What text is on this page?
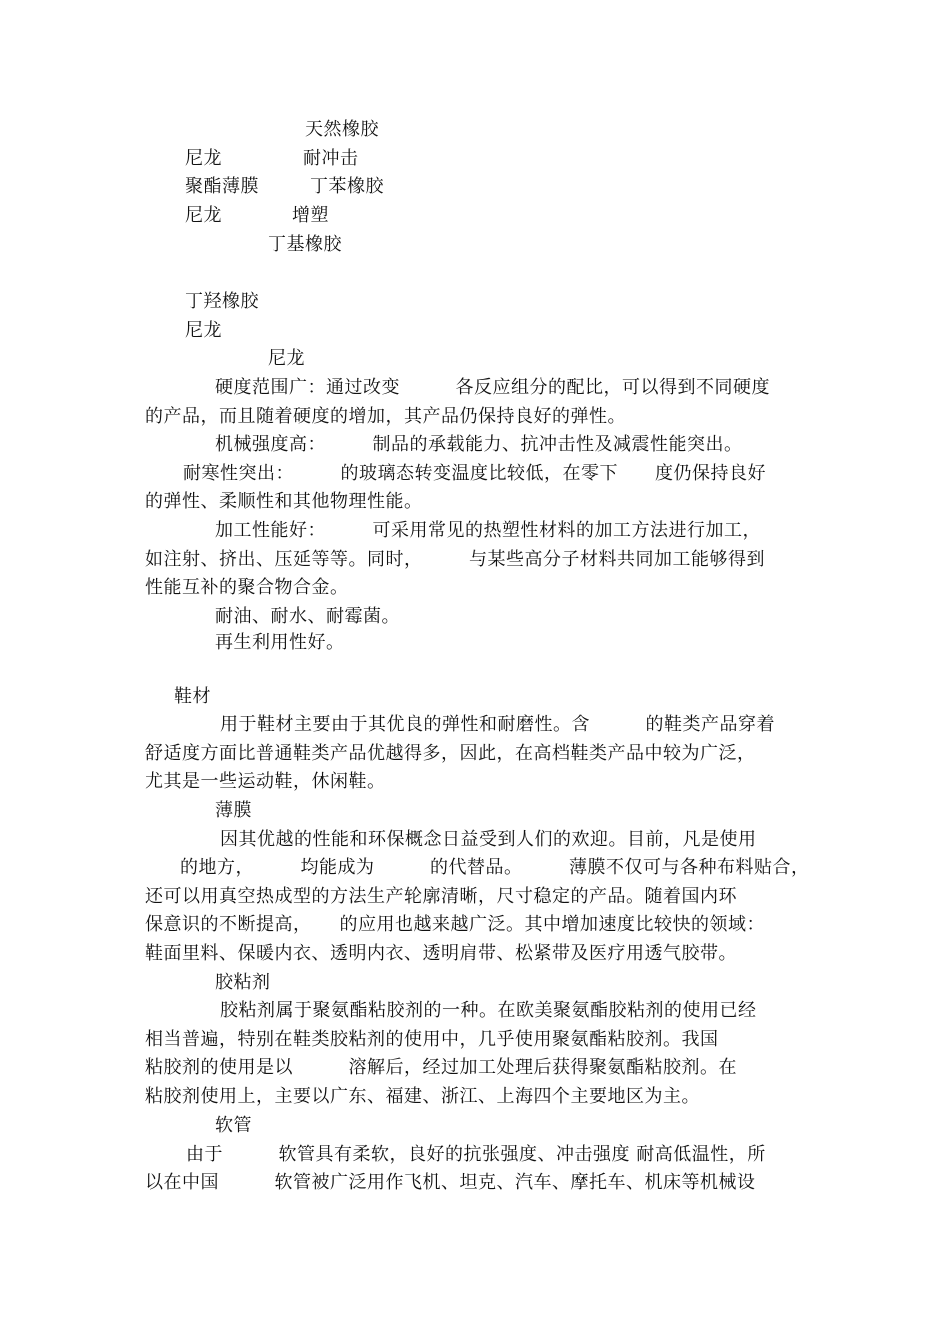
天然橡胶
尼龙	耐冲击
聚酯薄膜	丁苯橡胶
尼龙	增塑
丁基橡胶
丁羟橡胶
尼龙
尼龙
硬度范围广：通过改变　　　各反应组分的配比，可以得到不同硬度
的产品，而且随着硬度的增加，其产品仍保持良好的弹性。
机械强度高：　　　制品的承载能力、抗冲击性及减震性能突出。
耐寒性突出：　　　的玻璃态转变温度比较低，在零下　　度仍保持良好
的弹性、柔顺性和其他物理性能。
加工性能好：　　　可采用常见的热塑性材料的加工方法进行加工，
如注射、挤出、压延等等。同时，　　　与某些高分子材料共同加工能够得到
性能互补的聚合物合金。
耐油、耐水、耐霉菌。
再生利用性好。
鞋材
用于鞋材主要由于其优良的弹性和耐磨性。含　　　的鞋类产品穿着
舒适度方面比普通鞋类产品优越得多，因此，在高档鞋类产品中较为广泛，
尤其是一些运动鞋，休闲鞋。
薄膜
因其优越的性能和环保概念日益受到人们的欢迎。目前，凡是使用
的地方，　　　均能成为　　　的代替品。　　　薄膜不仅可与各种布料贴合，
还可以用真空热成型的方法生产轮廓清晰，尺寸稳定的产品。随着国内环
保意识的不断提高，　　的应用也越来越广泛。其中增加速度比较快的领域：
鞋面里料、保暖内衣、透明内衣、透明肩带、松紧带及医疗用透气胶带。
胶粘剂
胶粘剂属于聚氨酯粘胶剂的一种。在欧美聚氨酯胶粘剂的使用已经
相当普遍，特别在鞋类胶粘剂的使用中，几乎使用聚氨酯粘胶剂。我国
粘胶剂的使用是以　　　溶解后，经过加工处理后获得聚氨酯粘胶剂。在
粘胶剂使用上，主要以广东、福建、浙江、上海四个主要地区为主。
软管
由于　　　软管具有柔软，良好的抗张强度、冲击强度 耐高低温性，所
以在中国　　　软管被广泛用作飞机、坦克、汽车、摩托车、机床等机械设
